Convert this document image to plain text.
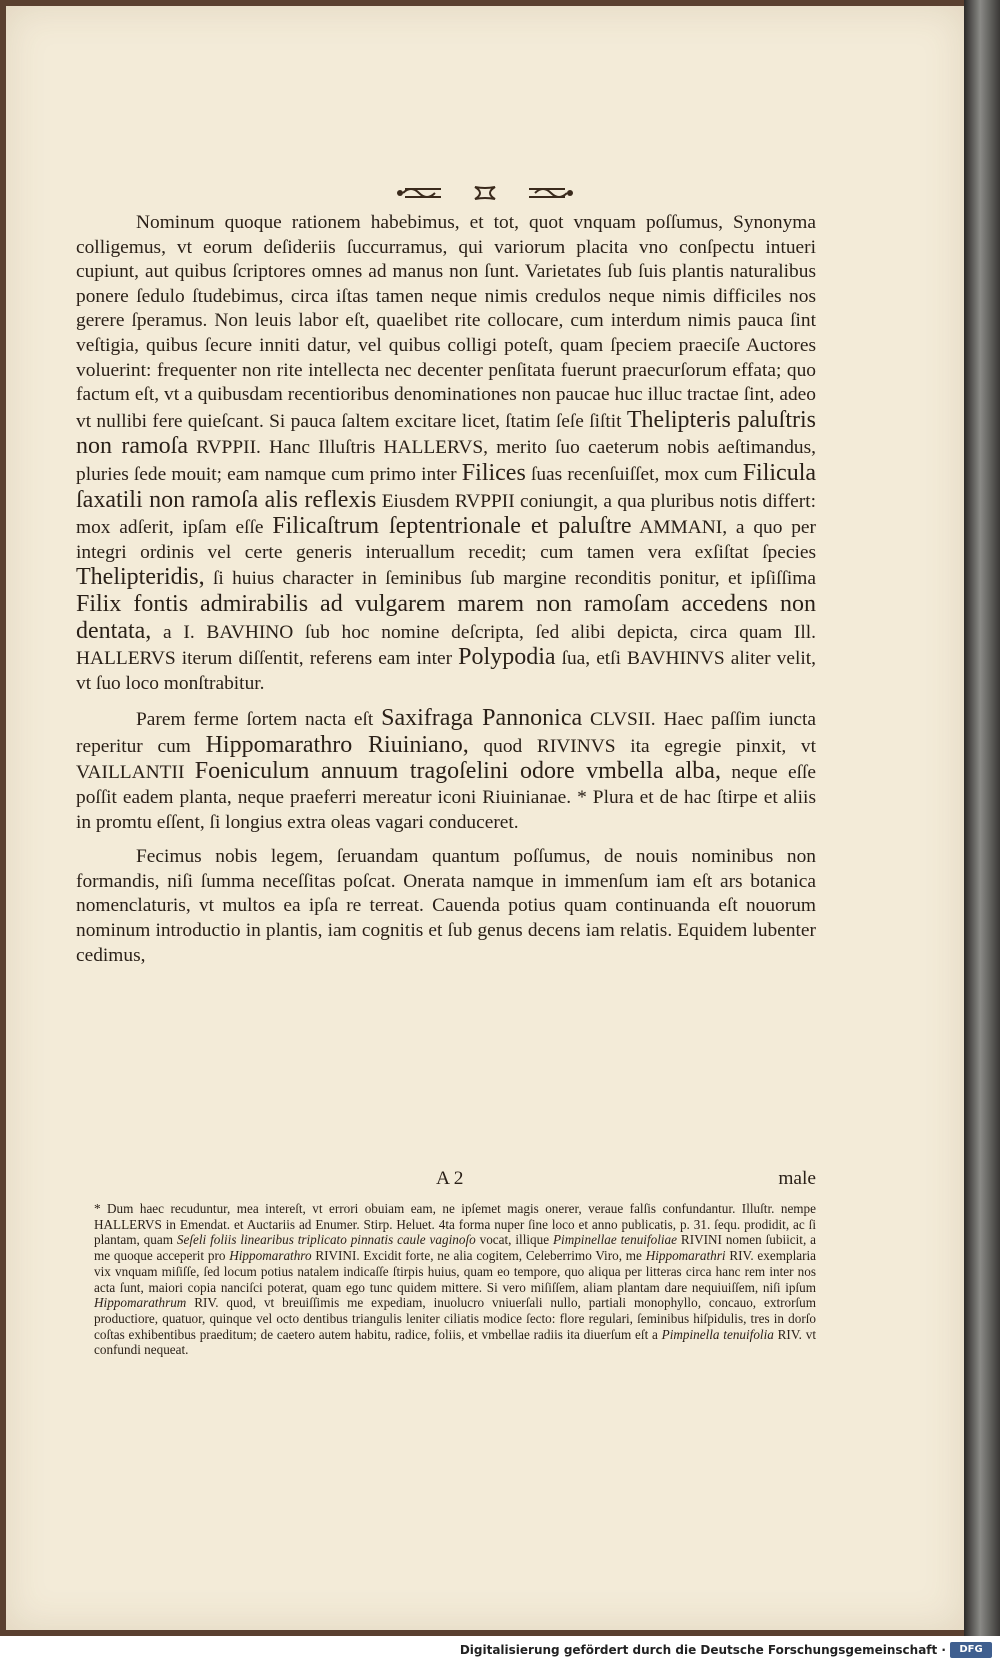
Nominum quoque rationem habebimus, et tot, quot vnquam poſſumus, Synonyma colligemus, vt eorum deſideriis ſuccurramus, qui variorum placita vno conſpectu intueri cupiunt, aut quibus ſcriptores omnes ad manus non ſunt. Varietates ſub ſuis plantis naturalibus ponere ſedulo ſtudebimus, circa iſtas tamen neque nimis credulos neque nimis difficiles nos gerere ſperamus. Non leuis labor eſt, quaelibet rite collocare, cum interdum nimis pauca ſint veſtigia, quibus ſecure inniti datur, vel quibus colligi poteſt, quam ſpeciem praeciſe Auctores voluerint: frequenter non rite intellecta nec decenter penſitata fuerunt praecurſorum effata; quo factum eſt, vt a quibusdam recentioribus denominationes non paucae huc illuc tractae ſint, adeo vt nullibi fere quieſcant. Si pauca ſaltem excitare licet, ſtatim ſeſe ſiſtit Thelipteris paluſtris non ramoſa RVPPII. Hanc Illuſtris HALLERVS, merito ſuo caeterum nobis aeſtimandus, pluries ſede mouit; eam namque cum primo inter Filices ſuas recenſuiſſet, mox cum Filicula ſaxatili non ramoſa alis reflexis Eiusdem RVPPII coniungit, a qua pluribus notis differt: mox adſerit, ipſam eſſe Filicaſtrum ſeptentrionale et paluſtre AMMANI, a quo per integri ordinis vel certe generis interuallum recedit; cum tamen vera exſiſtat ſpecies Thelipteridis, ſi huius character in ſeminibus ſub margine reconditis ponitur, et ipſiſſima Filix fontis admirabilis ad vulgarem marem non ramoſam accedens non dentata, a I. BAVHINO ſub hoc nomine deſcripta, ſed alibi depicta, circa quam Ill. HALLERVS iterum diſſentit, referens eam inter Polypodia ſua, etſi BAVHINVS aliter velit, vt ſuo loco monſtrabitur.

Parem ferme ſortem nacta eſt Saxifraga Pannonica CLVSII. Haec paſſim iuncta reperitur cum Hippomarathro Riuiniano, quod RIVINVS ita egregie pinxit, vt VAILLANTII Foeniculum annuum tragoſelini odore vmbella alba, neque eſſe poſſit eadem planta, neque praeferri mereatur iconi Riuinianae. * Plura et de hac ſtirpe et aliis in promtu eſſent, ſi longius extra oleas vagari conduceret.

Fecimus nobis legem, ſeruandam quantum poſſumus, de nouis nominibus non formandis, niſi ſumma neceſſitas poſcat. Onerata namque in immenſum iam eſt ars botanica nomenclaturis, vt multos ea ipſa re terreat. Cauenda potius quam continuanda eſt nouorum nominum introductio in plantis, iam cognitis et ſub genus decens iam relatis. Equidem lubenter cedimus,

A 2	male
* Dum haec recuduntur, mea intereſt, vt errori obuiam eam, ne ipſemet magis onerer, veraue falſis confundantur. Illuſtr. nempe HALLERVS in Emendat. et Auctariis ad Enumer. Stirp. Heluet. 4ta forma nuper ſine loco et anno publicatis, p. 31. ſequ. prodidit, ac ſi plantam, quam Seſeli foliis linearibus triplicato pinnatis caule vaginoſo vocat, illique Pimpinellae tenuifoliae RIVINI nomen ſubiicit, a me quoque acceperit pro Hippomarathro RIVINI. Excidit forte, ne alia cogitem, Celeberrimo Viro, me Hippomarathri RIV. exemplaria vix vnquam miſiſſe, ſed locum potius natalem indicaſſe ſtirpis huius, quam eo tempore, quo aliqua per litteras circa hanc rem inter nos acta ſunt, maiori copia nanciſci poterat, quam ego tunc quidem mittere. Si vero miſiſſem, aliam plantam dare nequiuiſſem, niſi ipſum Hippomarathrum RIV. quod, vt breuiſſimis me expediam, inuolucro vniuerſali nullo, partiali monophyllo, concauo, extrorſum productiore, quatuor, quinque vel octo dentibus triangulis leniter ciliatis modice ſecto: flore regulari, ſeminibus hiſpidulis, tres in dorſo coſtas exhibentibus praeditum; de caetero autem habitu, radice, foliis, et vmbellae radiis ita diuerſum eſt a Pimpinella tenuifolia RIV. vt confundi nequeat.
Digitalisierung gefördert durch die Deutsche Forschungsgemeinschaft ·	DFG
